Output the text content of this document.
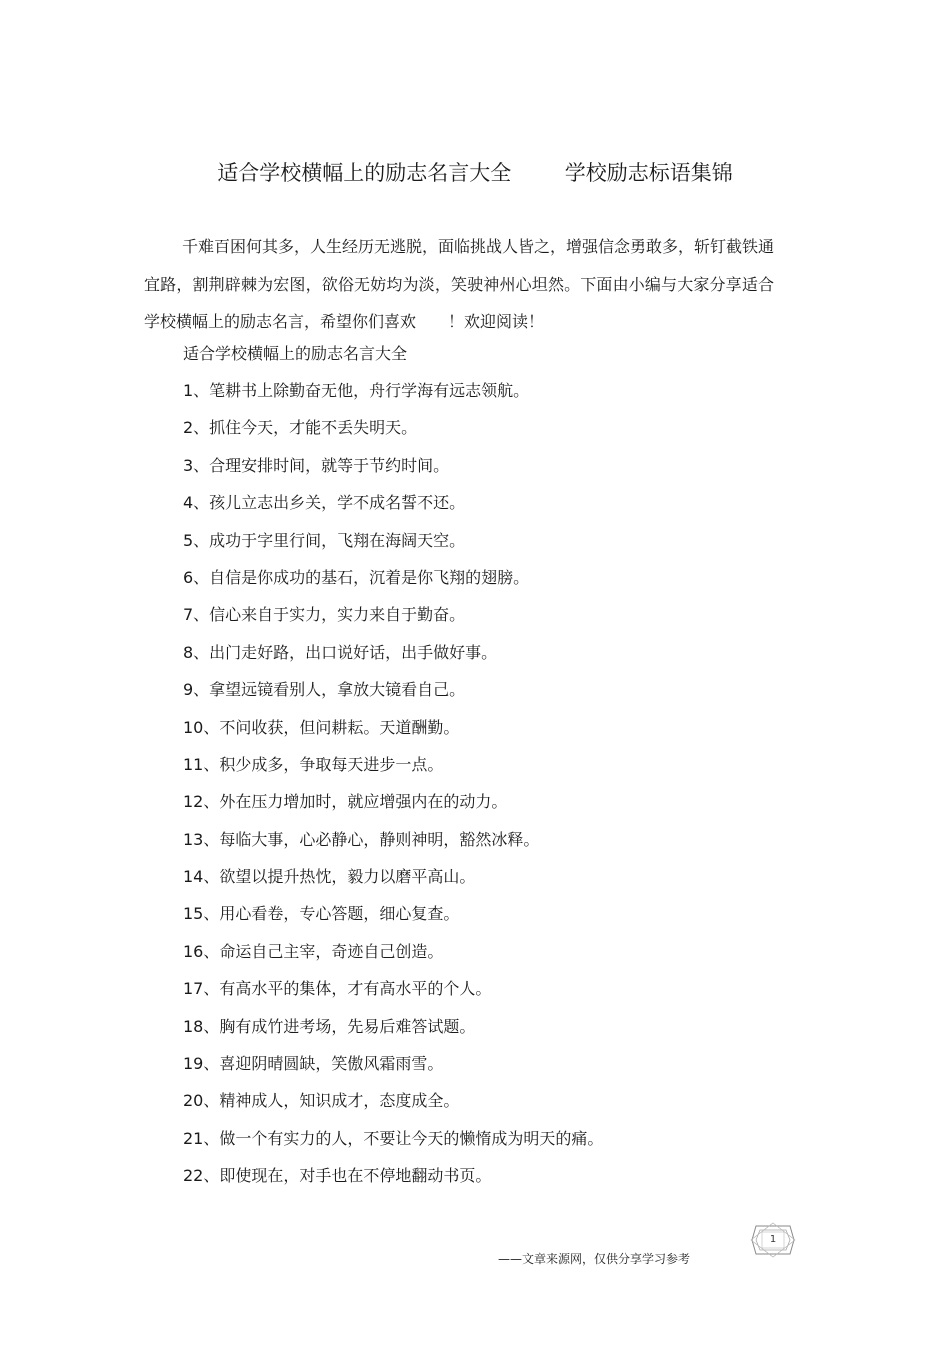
适合学校横幅上的励志名言大全        学校励志标语集锦
千难百困何其多，人生经历无逃脱，面临挑战人皆之，增强信念勇敢多，斩钉截铁通宜路，割荆辟棘为宏图，欲俗无妨均为淡，笑驶神州心坦然。下面由小编与大家分享适合学校横幅上的励志名言，希望你们喜欢　　！欢迎阅读！
适合学校横幅上的励志名言大全
1、笔耕书上除勤奋无他，舟行学海有远志领航。
2、抓住今天，才能不丢失明天。
3、合理安排时间，就等于节约时间。
4、孩儿立志出乡关，学不成名誓不还。
5、成功于字里行间，飞翔在海阔天空。
6、自信是你成功的基石，沉着是你飞翔的翅膀。
7、信心来自于实力，实力来自于勤奋。
8、出门走好路，出口说好话，出手做好事。
9、拿望远镜看别人，拿放大镜看自己。
10、不问收获，但问耕耘。天道酬勤。
11、积少成多，争取每天进步一点。
12、外在压力增加时，就应增强内在的动力。
13、每临大事，心必静心，静则神明，豁然冰释。
14、欲望以提升热忱，毅力以磨平高山。
15、用心看卷，专心答题，细心复查。
16、命运自己主宰，奇迹自己创造。
17、有高水平的集体，才有高水平的个人。
18、胸有成竹进考场，先易后难答试题。
19、喜迎阴晴圆缺，笑傲风霜雨雪。
20、精神成人，知识成才，态度成全。
21、做一个有实力的人，不要让今天的懒惰成为明天的痛。
22、即使现在，对手也在不停地翻动书页。
——文章来源网，仅供分享学习参考
1
